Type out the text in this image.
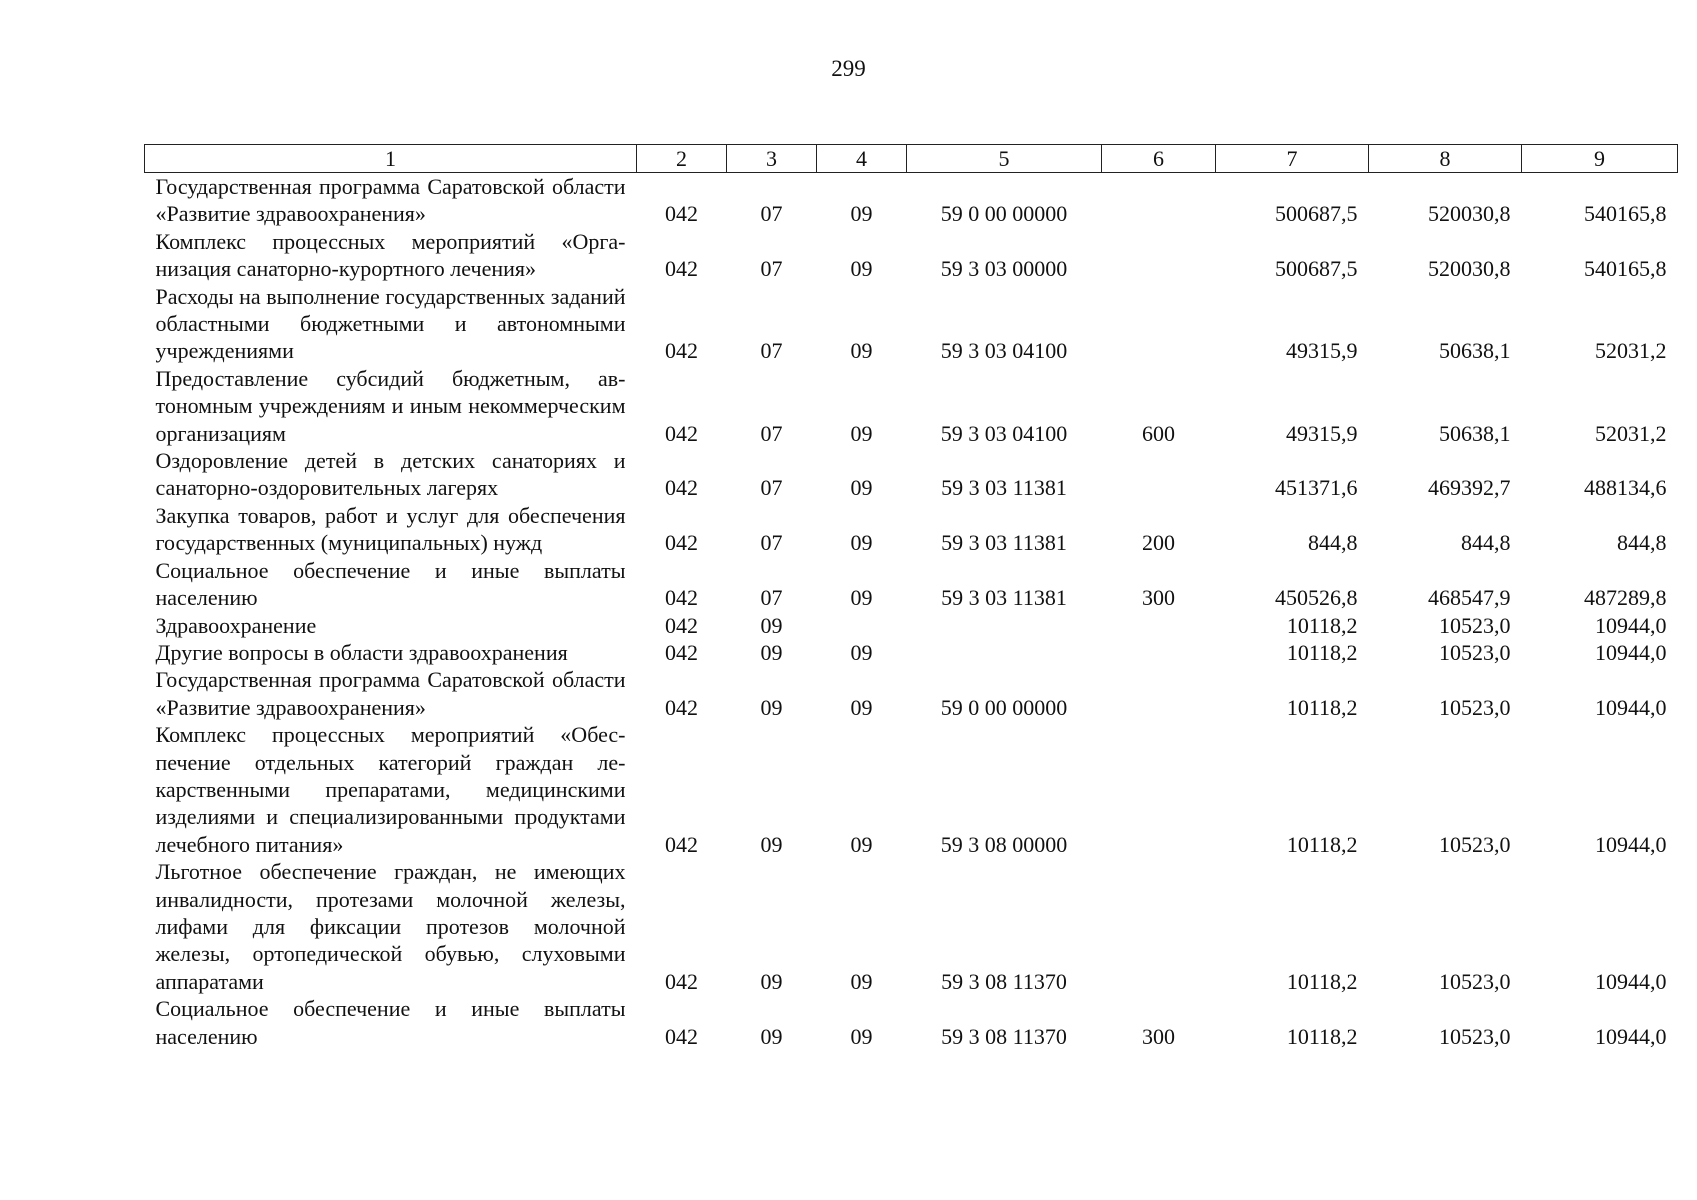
299
1	2	3	4	5	6	7	8	9
Государственная программа Саратовской области «Развитие здравоохранения»	042	07	09	59 0 00 00000		500687,5	520030,8	540165,8
Комплекс процессных мероприятий «Организация санаторно-курортного лечения»	042	07	09	59 3 03 00000		500687,5	520030,8	540165,8
Расходы на выполнение государственных заданий областными бюджетными и автономными учреждениями	042	07	09	59 3 03 04100		49315,9	50638,1	52031,2
Предоставление субсидий бюджетным, автономным учреждениям и иным некоммерческим организациям	042	07	09	59 3 03 04100	600	49315,9	50638,1	52031,2
Оздоровление детей в детских санаториях и санаторно-оздоровительных лагерях	042	07	09	59 3 03 11381		451371,6	469392,7	488134,6
Закупка товаров, работ и услуг для обеспечения государственных (муниципальных) нужд	042	07	09	59 3 03 11381	200	844,8	844,8	844,8
Социальное обеспечение и иные выплаты населению	042	07	09	59 3 03 11381	300	450526,8	468547,9	487289,8
Здравоохранение	042	09				10118,2	10523,0	10944,0
Другие вопросы в области здравоохранения	042	09	09			10118,2	10523,0	10944,0
Государственная программа Саратовской области «Развитие здравоохранения»	042	09	09	59 0 00 00000		10118,2	10523,0	10944,0
Комплекс процессных мероприятий «Обеспечение отдельных категорий граждан лекарственными препаратами, медицинскими изделиями и специализированными продуктами лечебного питания»	042	09	09	59 3 08 00000		10118,2	10523,0	10944,0
Льготное обеспечение граждан, не имеющих инвалидности, протезами молочной железы, лифами для фиксации протезов молочной железы, ортопедической обувью, слуховыми аппаратами	042	09	09	59 3 08 11370		10118,2	10523,0	10944,0
Социальное обеспечение и иные выплаты населению	042	09	09	59 3 08 11370	300	10118,2	10523,0	10944,0
